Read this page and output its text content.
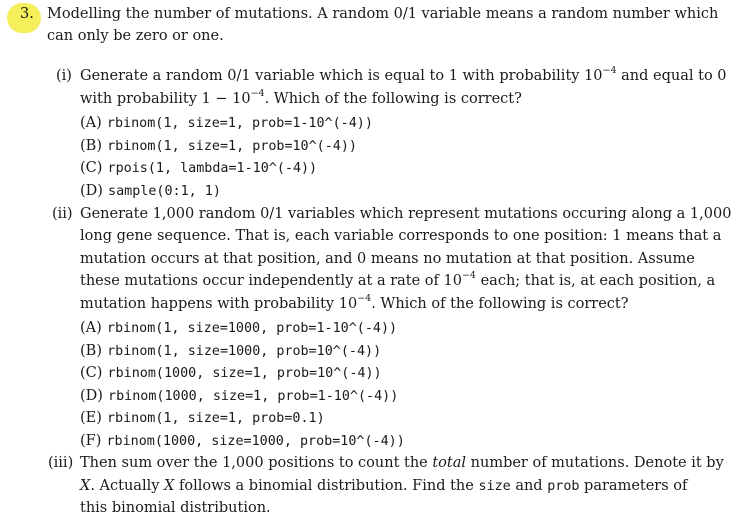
3. Modelling the number of mutations. A random 0/1 variable means a random number which
can only be zero or one.
(i) Generate a random 0/1 variable which is equal to 1 with probability $10^{-4}$ and equal to 0
with probability $1 - 10^{-4}$. Which of the following is correct?
(A) rbinom(1, size=1, prob=1-10^(-4))
(B) rbinom(1, size=1, prob=10^(-4))
(C) rpois(1, lambda=1-10^(-4))
(D) sample(0:1, 1)
(ii) Generate 1,000 random 0/1 variables which represent mutations occuring along a 1,000
long gene sequence. That is, each variable corresponds to one position: 1 means that a
mutation occurs at that position, and 0 means no mutation at that position. Assume
these mutations occur independently at a rate of $10^{-4}$ each; that is, at each position, a
mutation happens with probability $10^{-4}$. Which of the following is correct?
(A) rbinom(1, size=1000, prob=1-10^(-4))
(B) rbinom(1, size=1000, prob=10^(-4))
(C) rbinom(1000, size=1, prob=10^(-4))
(D) rbinom(1000, size=1, prob=1-10^(-4))
(E) rbinom(1, size=1, prob=0.1)
(F) rbinom(1000, size=1000, prob=10^(-4))
(iii) Then sum over the 1,000 positions to count the total number of mutations. Denote it by
X. Actually X follows a binomial distribution. Find the size and prob parameters of
this binomial distribution.
